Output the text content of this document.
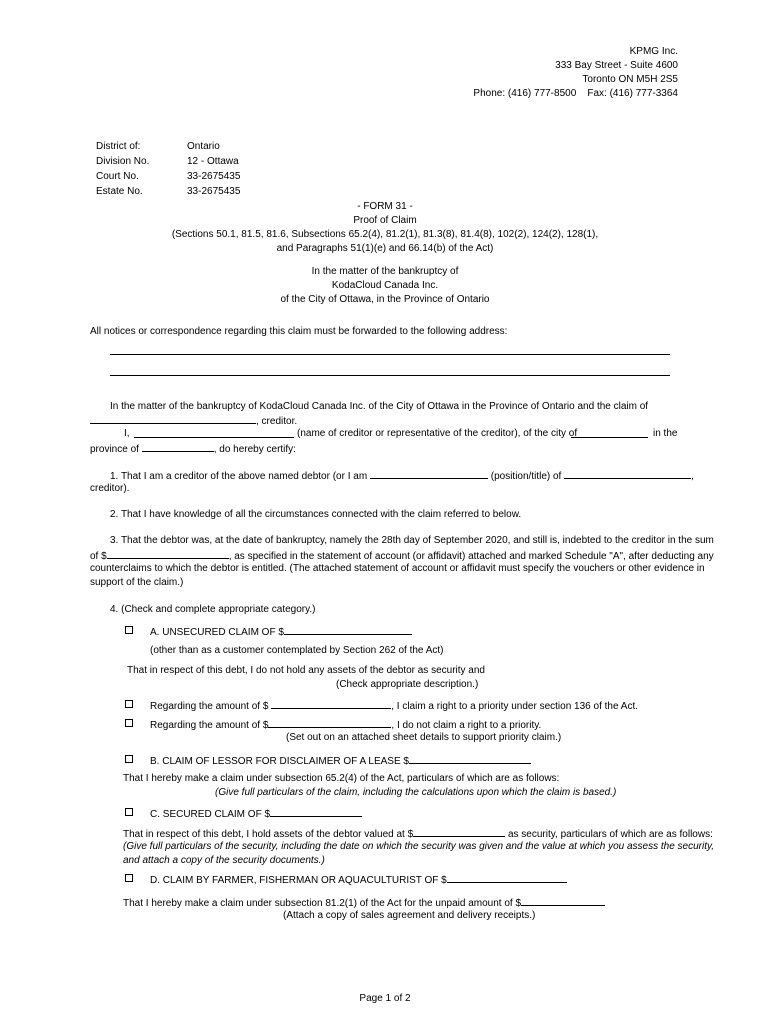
KPMG Inc.
333 Bay Street - Suite 4600
Toronto ON M5H 2S5
Phone: (416) 777-8500    Fax: (416) 777-3364
District of:	Ontario
Division No.	12 - Ottawa
Court No.	33-2675435
Estate No.	33-2675435
- FORM 31 -
Proof of Claim
(Sections 50.1, 81.5, 81.6, Subsections 65.2(4), 81.2(1), 81.3(8), 81.4(8), 102(2), 124(2), 128(1),
and Paragraphs 51(1)(e) and 66.14(b) of the Act)
In the matter of the bankruptcy of
KodaCloud Canada Inc.
of the City of Ottawa, in the Province of Ontario
All notices or correspondence regarding this claim must be forwarded to the following address:
In the matter of the bankruptcy of KodaCloud Canada Inc. of the City of Ottawa in the Province of Ontario and the claim of
, creditor.
I,	(name of creditor or representative of the creditor), of the city of	in the
province of	, do hereby certify:
1. That I am a creditor of the above named debtor (or I am	(position/title) of	,
creditor).
2. That I have knowledge of all the circumstances connected with the claim referred to below.
3. That the debtor was, at the date of bankruptcy, namely the 28th day of September 2020, and still is, indebted to the creditor in the sum
of $	, as specified in the statement of account (or affidavit) attached and marked Schedule "A", after deducting any
counterclaims to which the debtor is entitled. (The attached statement of account or affidavit must specify the vouchers or other evidence in
support of the claim.)
4. (Check and complete appropriate category.)
A. UNSECURED CLAIM OF $
(other than as a customer contemplated by Section 262 of the Act)
That in respect of this debt, I do not hold any assets of the debtor as security and
(Check appropriate description.)
Regarding the amount of $	, I claim a right to a priority under section 136 of the Act.
Regarding the amount of $	, I do not claim a right to a priority.
(Set out on an attached sheet details to support priority claim.)
B. CLAIM OF LESSOR FOR DISCLAIMER OF A LEASE $
That I hereby make a claim under subsection 65.2(4) of the Act, particulars of which are as follows:
(Give full particulars of the claim, including the calculations upon which the claim is based.)
C. SECURED CLAIM OF $
That in respect of this debt, I hold assets of the debtor valued at $	as security, particulars of which are as follows:
(Give full particulars of the security, including the date on which the security was given and the value at which you assess the security,
and attach a copy of the security documents.)
D. CLAIM BY FARMER, FISHERMAN OR AQUACULTURIST OF $
That I hereby make a claim under subsection 81.2(1) of the Act for the unpaid amount of $
(Attach a copy of sales agreement and delivery receipts.)
Page 1 of 2
